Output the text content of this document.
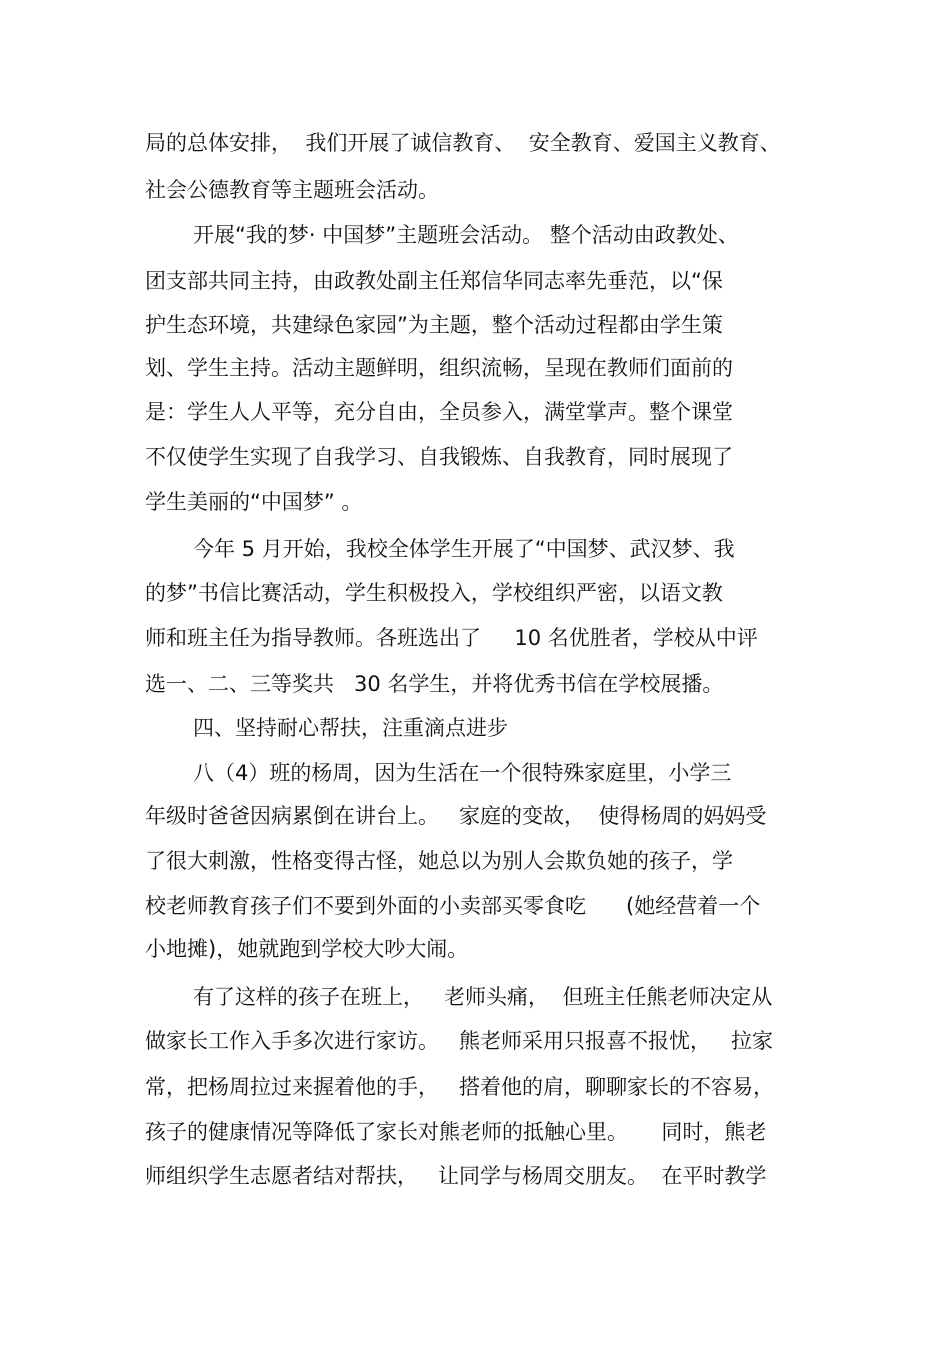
局的总体安排，  我们开展了诚信教育、  安全教育、爱国主义教育、
社会公德教育等主题班会活动。
开展“我的梦· 中国梦”主题班会活动。 整个活动由政教处、
团支部共同主持，由政教处副主任郑信华同志率先垂范，以“保
护生态环境，共建绿色家园”为主题，整个活动过程都由学生策
划、学生主持。活动主题鲜明，组织流畅，呈现在教师们面前的
是：学生人人平等，充分自由，全员参入，满堂掌声。整个课堂
不仅使学生实现了自我学习、自我锻炼、自我教育，同时展现了
学生美丽的“中国梦” 。
今年 5 月开始，我校全体学生开展了“中国梦、武汉梦、我
的梦”书信比赛活动，学生积极投入，学校组织严密，以语文教
师和班主任为指导教师。各班选出了     10 名优胜者，学校从中评
选一、二、三等奖共   30 名学生，并将优秀书信在学校展播。
四、坚持耐心帮扶，注重滴点进步
八（4）班的杨周，因为生活在一个很特殊家庭里，小学三
年级时爸爸因病累倒在讲台上。   家庭的变故，  使得杨周的妈妈受
了很大刺激，性格变得古怪，她总以为别人会欺负她的孩子，学
校老师教育孩子们不要到外面的小卖部买零食吃      (她经营着一个
小地摊)，她就跑到学校大吵大闹。
有了这样的孩子在班上，   老师头痛，  但班主任熊老师决定从
做家长工作入手多次进行家访。   熊老师采用只报喜不报忧，   拉家
常，把杨周拉过来握着他的手，   搭着他的肩，聊聊家长的不容易，
孩子的健康情况等降低了家长对熊老师的抵触心里。     同时，熊老
师组织学生志愿者结对帮扶，   让同学与杨周交朋友。  在平时教学
